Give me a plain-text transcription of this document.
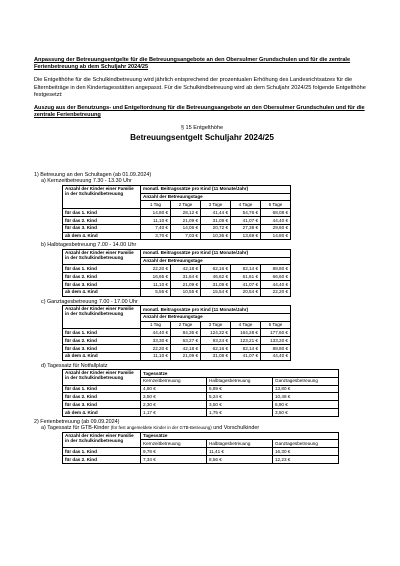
Anpassung der Betreuungsentgelte für die Betreuungsangebote an den Obersulmer Grundschulen und für die zentrale Ferienbetreuung ab dem Schuljahr 2024/25

Die Entgelthöhe für die Schulkindbetreuung wird jährlich entsprechend der prozentualen Erhöhung des Landesrichtsatzes für die Elternbeiträge in den Kindertagesstätten angepasst. Für die Schulkindbetreuung wird ab dem Schuljahr 2024/25 folgende Entgelthöhe festgesetzt:

Auszug aus der Benutzungs- und Entgeltordnung für die Betreuungsangebote an den Obersulmer Grundschulen und für die zentrale Ferienbetreuung

§ 15 Entgelthöhe
Betreuungsentgelt Schuljahr 2024/25

1) Betreuung an den Schultagen (ab 01.09.2024)

a) Kernzeitbetreuung 7.30 - 13.30 Uhr

Anzahl der Kinder einer Familie in der Schulkindbetreuung	monatl. Beitragssätze pro Kind (11 Monate/Jahr)				
	Anzahl der Betreuungstage				
	1 Tag	2 Tage	3 Tage	4 Tage	5 Tage
für das 1. Kind	14,80 €	28,12 €	41,44 €	54,76 €	68,08 €
für das 2. Kind	11,10 €	21,09 €	31,08 €	41,07 €	44,40 €
für das 3. Kind	7,40 €	14,06 €	20,72 €	27,38 €	29,60 €
ab dem 4. Kind	3,70 €	7,03 €	10,36 €	13,69 €	14,80 €

b) Halbtagesbetreuung 7.00 - 14.00 Uhr

Anzahl der Kinder einer Familie in der Schulkindbetreuung	monatl. Beitragssätze pro Kind (11 Monate/Jahr)				
	Anzahl der Betreuungstage				
für das 1. Kind	22,20 €	42,18 €	62,16 €	82,14 €	88,80 €
für das 2. Kind	16,65 €	31,64 €	46,62 €	61,61 €	66,60 €
für das 3. Kind	11,10 €	21,09 €	31,08 €	41,07 €	44,40 €
ab dem 4. Kind	5,55 €	10,55 €	15,54 €	20,54 €	22,20 €

c) Ganztagesbetreuung 7.00 - 17.00 Uhr

Anzahl der Kinder einer Familie in der Schulkindbetreuung	monatl. Beitragssätze pro Kind (11 Monate/Jahr)				
	Anzahl der Betreuungstage				
	1 Tag	2 Tage	3 Tage	4 Tage	5 Tage
für das 1. Kind	44,40 €	84,36 €	124,32 €	164,28 €	177,60 €
für das 2. Kind	33,30 €	63,27 €	93,24 €	123,21 €	133,20 €
für das 3. Kind	22,20 €	42,18 €	62,16 €	82,14 €	88,80 €
ab dem 4. Kind	11,10 €	21,09 €	31,08 €	41,07 €	44,40 €

d) Tagessatz für Notfallplatz

Anzahl der Kinder einer Familie in der Schulkindbetreuung	Tagessätze		
	Kernzeitbetreuung	Halbtagesbetreuung	Ganztagesbetreuung
für das 1. Kind	4,60 €	6,89 €	13,80 €
für das 2. Kind	3,50 €	5,24 €	10,48 €
für das 3. Kind	2,30 €	3,50 €	6,90 €
ab dem 4. Kind	1,17 €	1,75 €	3,50 €

2) Ferienbetreuung (ab 09.09.2024)

a) Tagessatz für GTB-Kinder (für fest angemeldete Kinder in der GTB-Betreuung) und Vorschulkinder

Anzahl der Kinder einer Familie in der Schulkindbetreuung	Tagessätze		
	Kernzeitbetreuung	Halbtagesbetreuung	Ganztagesbetreuung
für das 1. Kind	9,78 €	11,41 €	16,30 €
für das 2. Kind	7,34 €	8,56 €	12,23 €
